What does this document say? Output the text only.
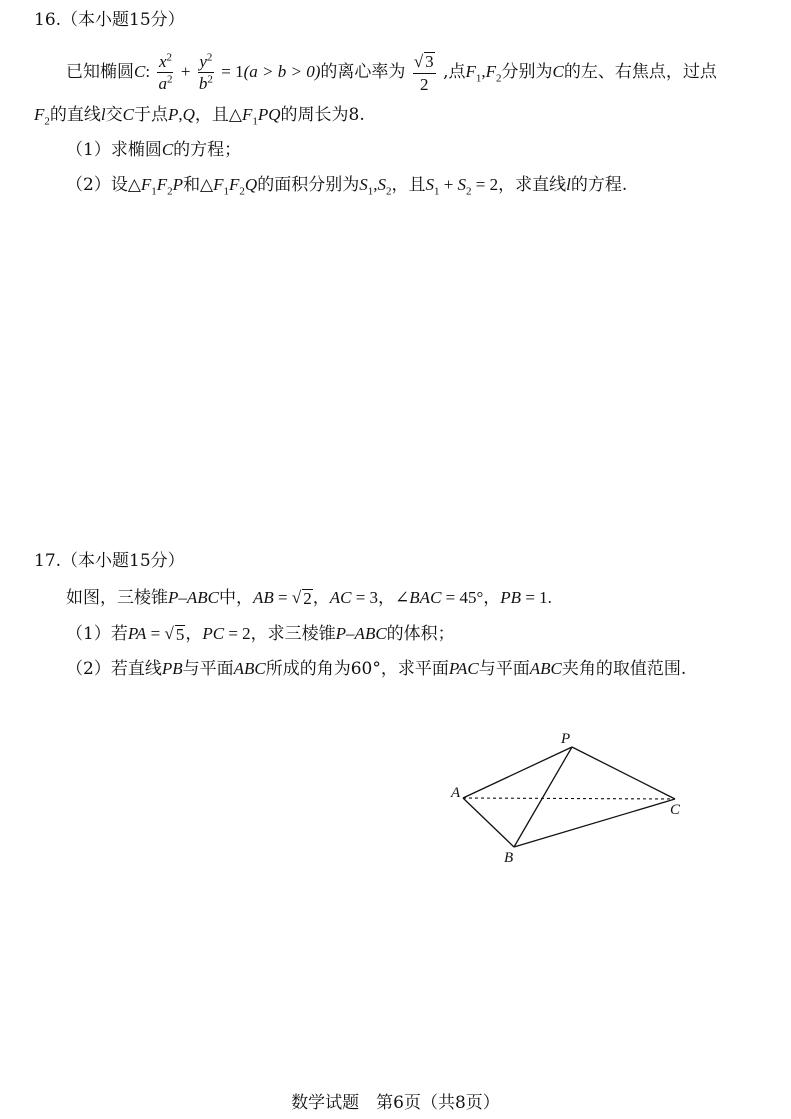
16.（本小题15分）
已知椭圆C: $\frac{x^2}{a^2} + \frac{y^2}{b^2} = 1(a > b > 0)$的离心率为 $\frac{√ 3}{2}$ ,点$F_1,F_2$分别为C的左、右焦点，过点
$F_2$的直线l交C于点P,Q，且$\triangle F_1PQ$的周长为8.
（1）求椭圆C的方程；
（2）设$\triangle F_1F_2P$和$\triangle F_1F_2Q$的面积分别为$S_1,S_2$，且$S_1 + S_2 = 2$，求直线l的方程.
17.（本小题15分）
如图，三棱锥P–ABC中，AB = √ 2 ，AC = 3，∠BAC = 45°，PB = 1.
（1）若PA = √ 5 ，PC = 2，求三棱锥P–ABC的体积；
（2）若直线PB与平面ABC所成的角为60°，求平面PAC与平面ABC夹角的取值范围.
P
A
B
C
数学试题　第6页（共8页）
